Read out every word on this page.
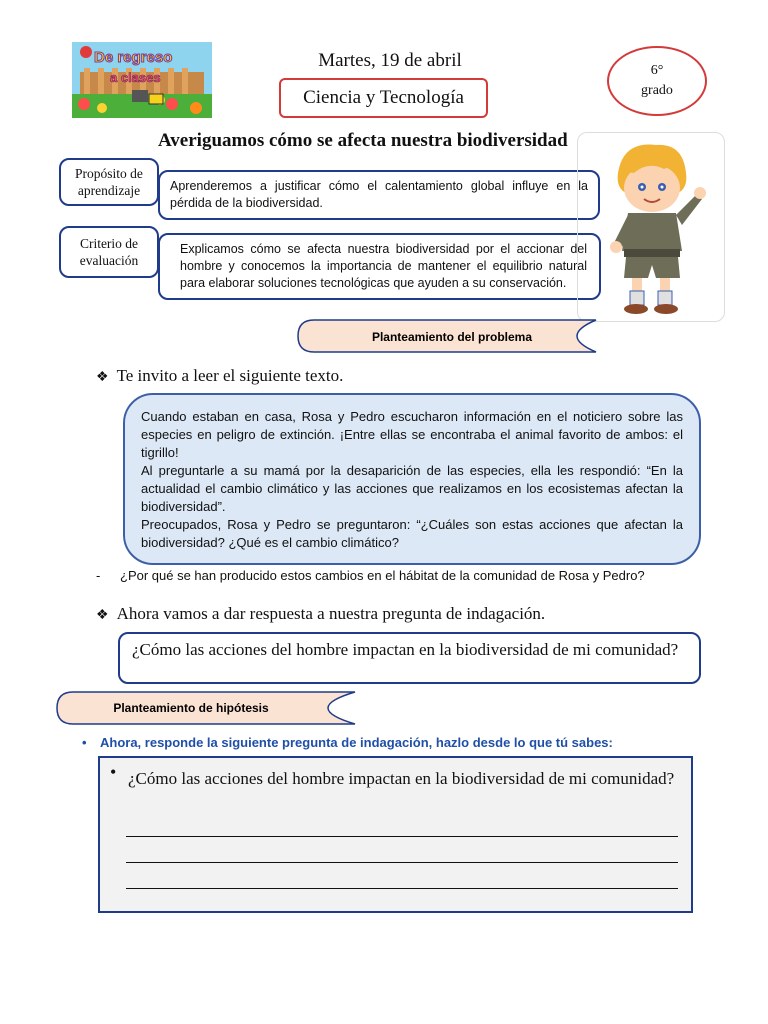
De regreso
a clases
Martes, 19 de abril
Ciencia y Tecnología
6°
grado
Averiguamos cómo se afecta nuestra biodiversidad
Propósito de aprendizaje	Aprenderemos a justificar cómo el calentamiento global influye en la pérdida de la biodiversidad.
Criterio de evaluación
Explicamos cómo se afecta nuestra biodiversidad por el accionar del hombre y conocemos la importancia de mantener el equilibrio natural para elaborar soluciones tecnológicas que ayuden a su conservación.
Planteamiento del problema
❖ Te invito a leer el siguiente texto.

Cuando estaban en casa, Rosa y Pedro escucharon información en el noticiero sobre las especies en peligro de extinción. ¡Entre ellas se encontraba el animal favorito de ambos: el tigrillo!

Al preguntarle a su mamá por la desaparición de las especies, ella les respondió: “En la actualidad el cambio climático y las acciones que realizamos en los ecosistemas afectan la biodiversidad”.

Preocupados, Rosa y Pedro se preguntaron: “¿Cuáles son estas acciones que afectan la biodiversidad? ¿Qué es el cambio climático?

- ¿Por qué se han producido estos cambios en el hábitat de la comunidad de Rosa y Pedro?
❖ Ahora vamos a dar respuesta a nuestra pregunta de indagación.
¿Cómo las acciones del hombre impactan en la biodiversidad de mi comunidad?
Planteamiento de hipótesis
• Ahora, responde la siguiente pregunta de indagación, hazlo desde lo que tú sabes:
• ¿Cómo las acciones del hombre impactan en la biodiversidad de mi comunidad?
